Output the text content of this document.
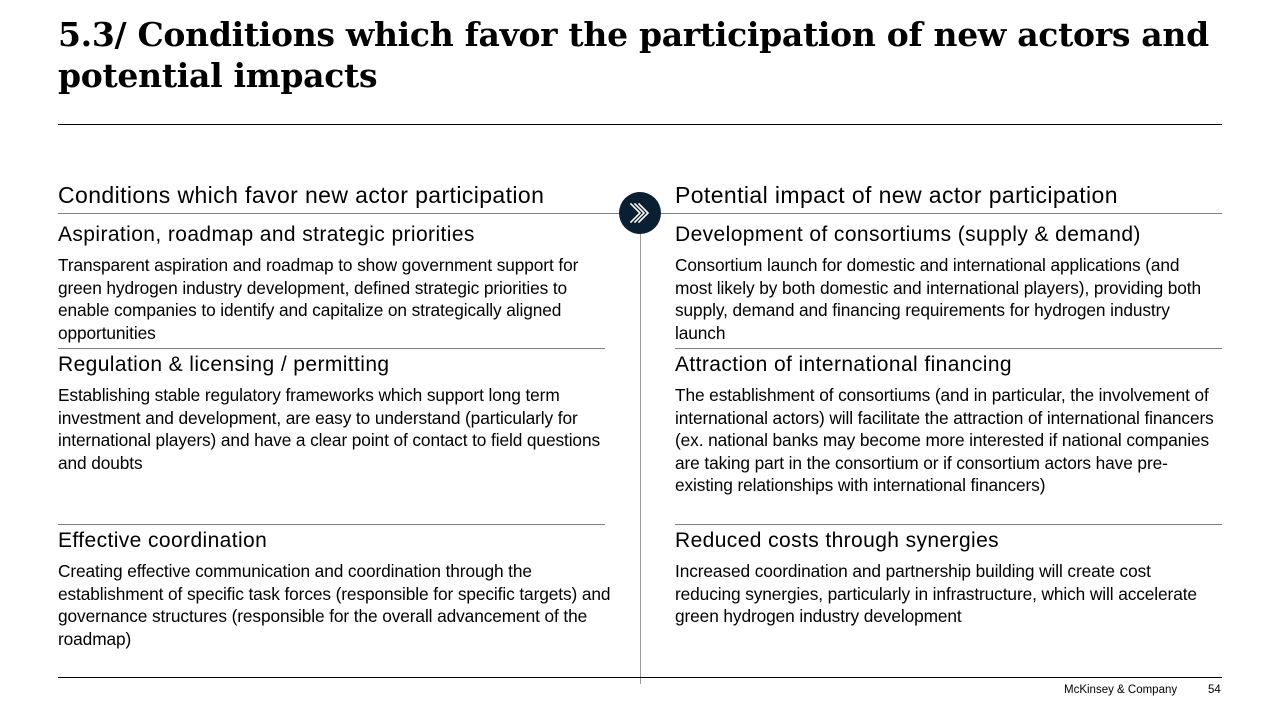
5.3/ Conditions which favor the participation of new actors and potential impacts
Conditions which favor new actor participation	Potential impact of new actor participation

Aspiration, roadmap and strategic priorities

Transparent aspiration and roadmap to show government support for green hydrogen industry development, defined strategic priorities to enable companies to identify and capitalize on strategically aligned opportunities

Regulation & licensing / permitting

Establishing stable regulatory frameworks which support long term investment and development, are easy to understand (particularly for international players) and have a clear point of contact to field questions and doubts

Effective coordination

Creating effective communication and coordination through the establishment of specific task forces (responsible for specific targets) and governance structures (responsible for the overall advancement of the roadmap)

Development of consortiums (supply & demand)

Consortium launch for domestic and international applications (and most likely by both domestic and international players), providing both supply, demand and financing requirements for hydrogen industry launch

Attraction of international financing

The establishment of consortiums (and in particular, the involvement of international actors) will facilitate the attraction of international financers (ex. national banks may become more interested if national companies are taking part in the consortium or if consortium actors have pre-existing relationships with international financers)

Reduced costs through synergies

Increased coordination and partnership building will create cost reducing synergies, particularly in infrastructure, which will accelerate green hydrogen industry development

McKinsey & Company	54
